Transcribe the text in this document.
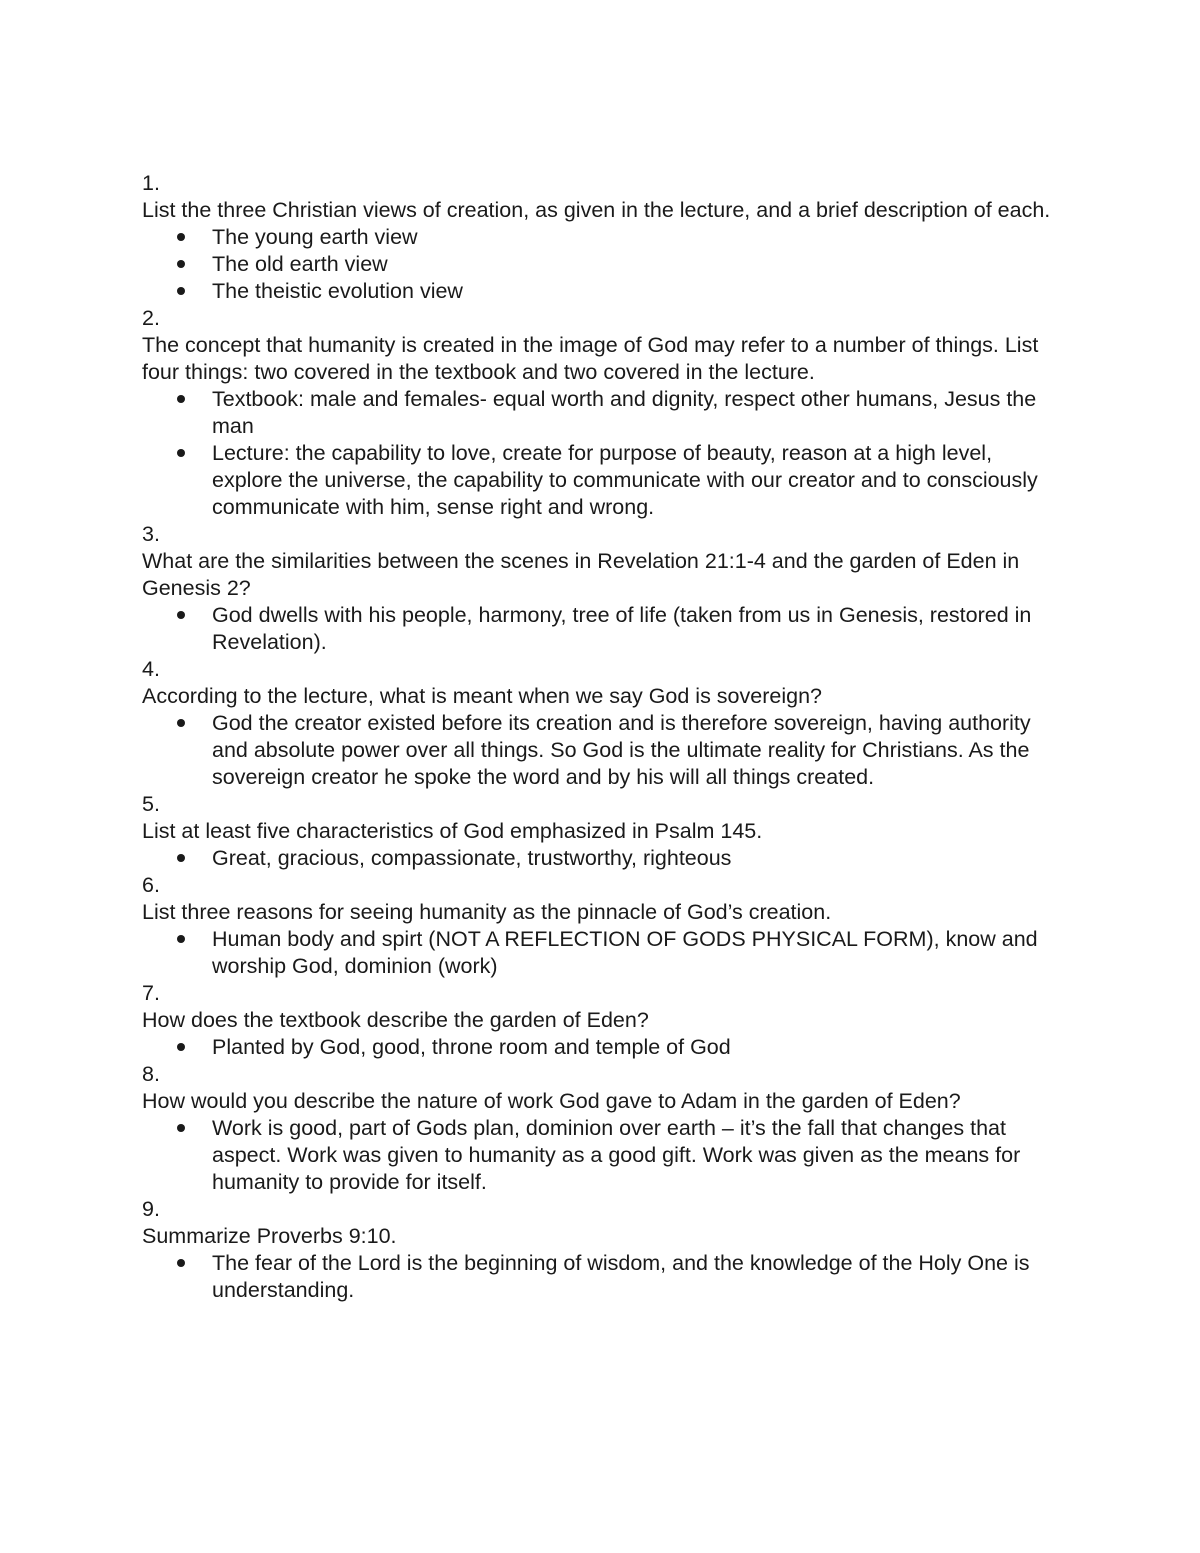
1.
List the three Christian views of creation, as given in the lecture, and a brief description of each.
The young earth view
The old earth view
The theistic evolution view
2.
The concept that humanity is created in the image of God may refer to a number of things. List four things: two covered in the textbook and two covered in the lecture.
Textbook: male and females- equal worth and dignity, respect other humans, Jesus the man
Lecture: the capability to love, create for purpose of beauty, reason at a high level, explore the universe, the capability to communicate with our creator and to consciously communicate with him, sense right and wrong.
3.
What are the similarities between the scenes in Revelation 21:1-4 and the garden of Eden in Genesis 2?
God dwells with his people, harmony, tree of life (taken from us in Genesis, restored in Revelation).
4.
According to the lecture, what is meant when we say God is sovereign?
God the creator existed before its creation and is therefore sovereign, having authority and absolute power over all things. So God is the ultimate reality for Christians. As the sovereign creator he spoke the word and by his will all things created.
5.
List at least five characteristics of God emphasized in Psalm 145.
Great, gracious, compassionate, trustworthy, righteous
6.
List three reasons for seeing humanity as the pinnacle of God’s creation.
Human body and spirt (NOT A REFLECTION OF GODS PHYSICAL FORM), know and worship God, dominion (work)
7.
How does the textbook describe the garden of Eden?
Planted by God, good, throne room and temple of God
8.
How would you describe the nature of work God gave to Adam in the garden of Eden?
Work is good, part of Gods plan, dominion over earth – it’s the fall that changes that aspect. Work was given to humanity as a good gift. Work was given as the means for humanity to provide for itself.
9.
Summarize Proverbs 9:10.
The fear of the Lord is the beginning of wisdom, and the knowledge of the Holy One is understanding.
